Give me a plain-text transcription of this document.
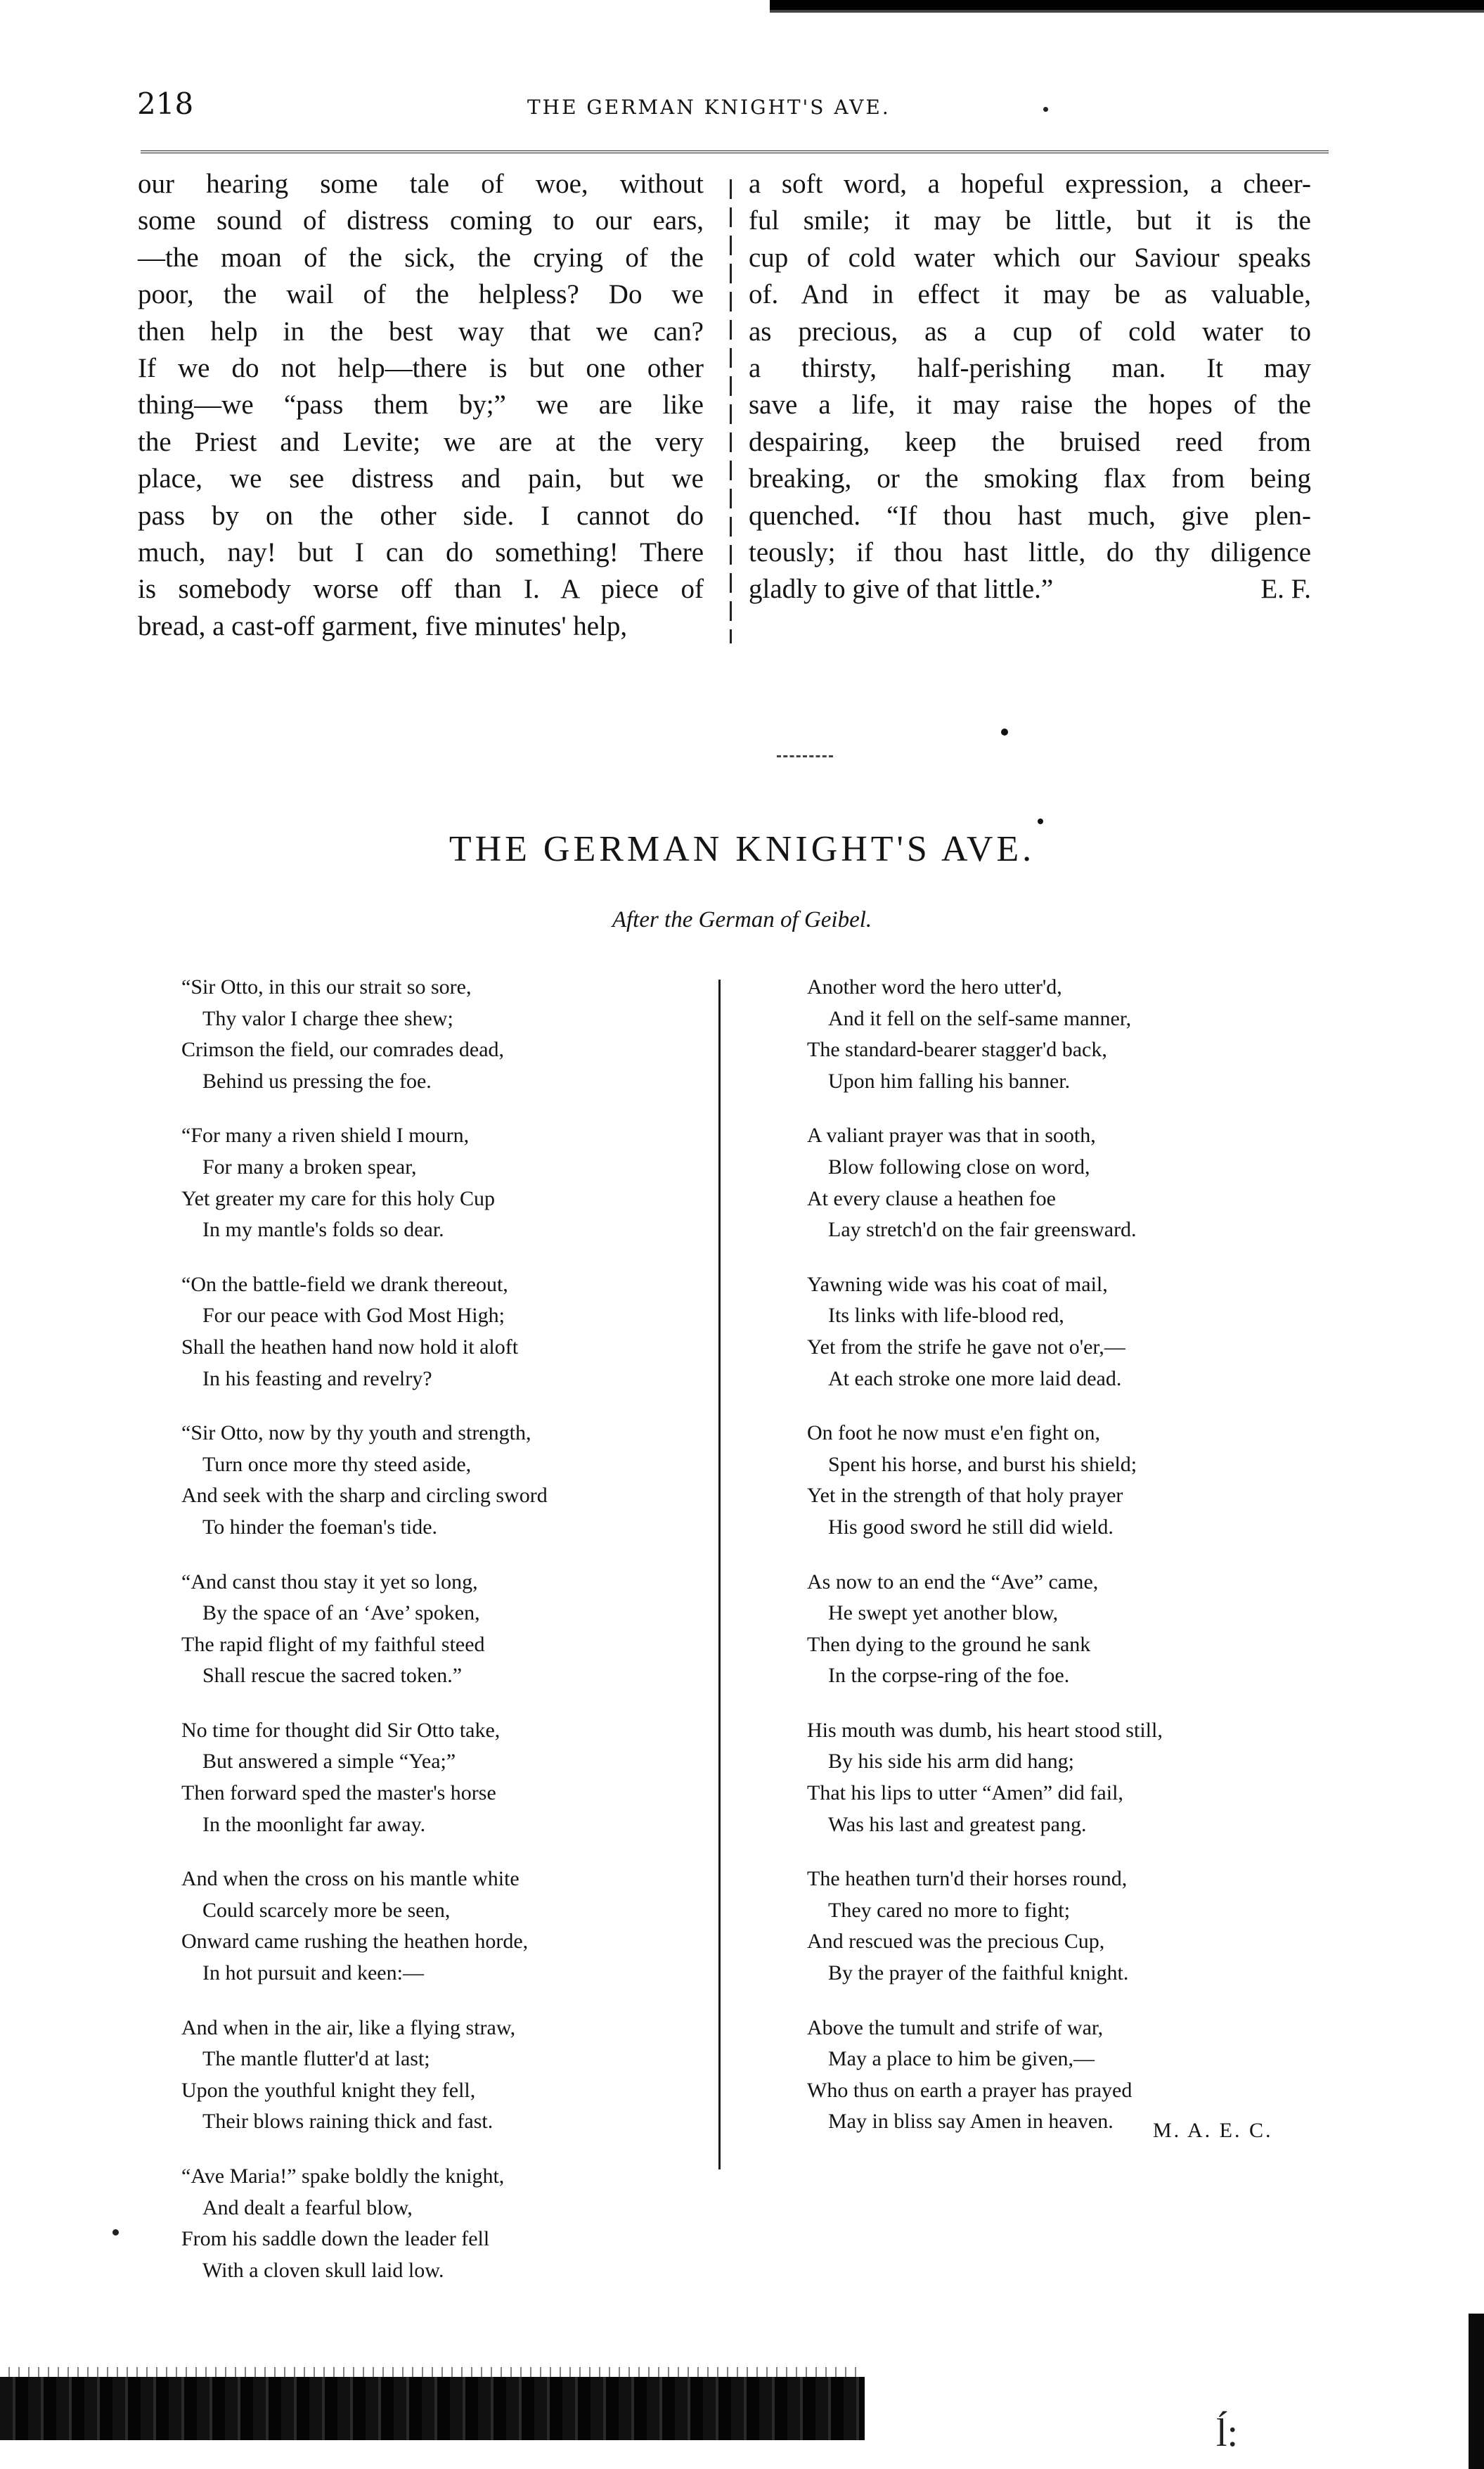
218	THE GERMAN KNIGHT'S AVE.
our hearing some tale of woe, without
some sound of distress coming to our ears,
—the moan of the sick, the crying of the
poor, the wail of the helpless? Do we
then help in the best way that we can?
If we do not help—there is but one other
thing—we “pass them by;” we are like
the Priest and Levite; we are at the very
place, we see distress and pain, but we
pass by on the other side. I cannot do
much, nay! but I can do something! There
is somebody worse off than I. A piece of
bread, a cast-off garment, five minutes' help,
a soft word, a hopeful expression, a cheer-
ful smile; it may be little, but it is the
cup of cold water which our Saviour speaks
of. And in effect it may be as valuable,
as precious, as a cup of cold water to
a thirsty, half-perishing man. It may
save a life, it may raise the hopes of the
despairing, keep the bruised reed from
breaking, or the smoking flax from being
quenched. “If thou hast much, give plen-
teously; if thou hast little, do thy diligence
gladly to give of that little.”	E. F.
THE GERMAN KNIGHT'S AVE.
After the German of Geibel.
“Sir Otto, in this our strait so sore,
Thy valor I charge thee shew;
Crimson the field, our comrades dead,
Behind us pressing the foe.
“For many a riven shield I mourn,
For many a broken spear,
Yet greater my care for this holy Cup
In my mantle's folds so dear.
“On the battle-field we drank thereout,
For our peace with God Most High;
Shall the heathen hand now hold it aloft
In his feasting and revelry?
“Sir Otto, now by thy youth and strength,
Turn once more thy steed aside,
And seek with the sharp and circling sword
To hinder the foeman's tide.
“And canst thou stay it yet so long,
By the space of an ‘Ave’ spoken,
The rapid flight of my faithful steed
Shall rescue the sacred token.”
No time for thought did Sir Otto take,
But answered a simple “Yea;”
Then forward sped the master's horse
In the moonlight far away.
And when the cross on his mantle white
Could scarcely more be seen,
Onward came rushing the heathen horde,
In hot pursuit and keen:—
And when in the air, like a flying straw,
The mantle flutter'd at last;
Upon the youthful knight they fell,
Their blows raining thick and fast.
“Ave Maria!” spake boldly the knight,
And dealt a fearful blow,
From his saddle down the leader fell
With a cloven skull laid low.
Another word the hero utter'd,
And it fell on the self-same manner,
The standard-bearer stagger'd back,
Upon him falling his banner.
A valiant prayer was that in sooth,
Blow following close on word,
At every clause a heathen foe
Lay stretch'd on the fair greensward.
Yawning wide was his coat of mail,
Its links with life-blood red,
Yet from the strife he gave not o'er,—
At each stroke one more laid dead.
On foot he now must e'en fight on,
Spent his horse, and burst his shield;
Yet in the strength of that holy prayer
His good sword he still did wield.
As now to an end the “Ave” came,
He swept yet another blow,
Then dying to the ground he sank
In the corpse-ring of the foe.
His mouth was dumb, his heart stood still,
By his side his arm did hang;
That his lips to utter “Amen” did fail,
Was his last and greatest pang.
The heathen turn'd their horses round,
They cared no more to fight;
And rescued was the precious Cup,
By the prayer of the faithful knight.
Above the tumult and strife of war,
May a place to him be given,—
Who thus on earth a prayer has prayed
May in bliss say Amen in heaven.	M. A. E. C.
ĺ:
